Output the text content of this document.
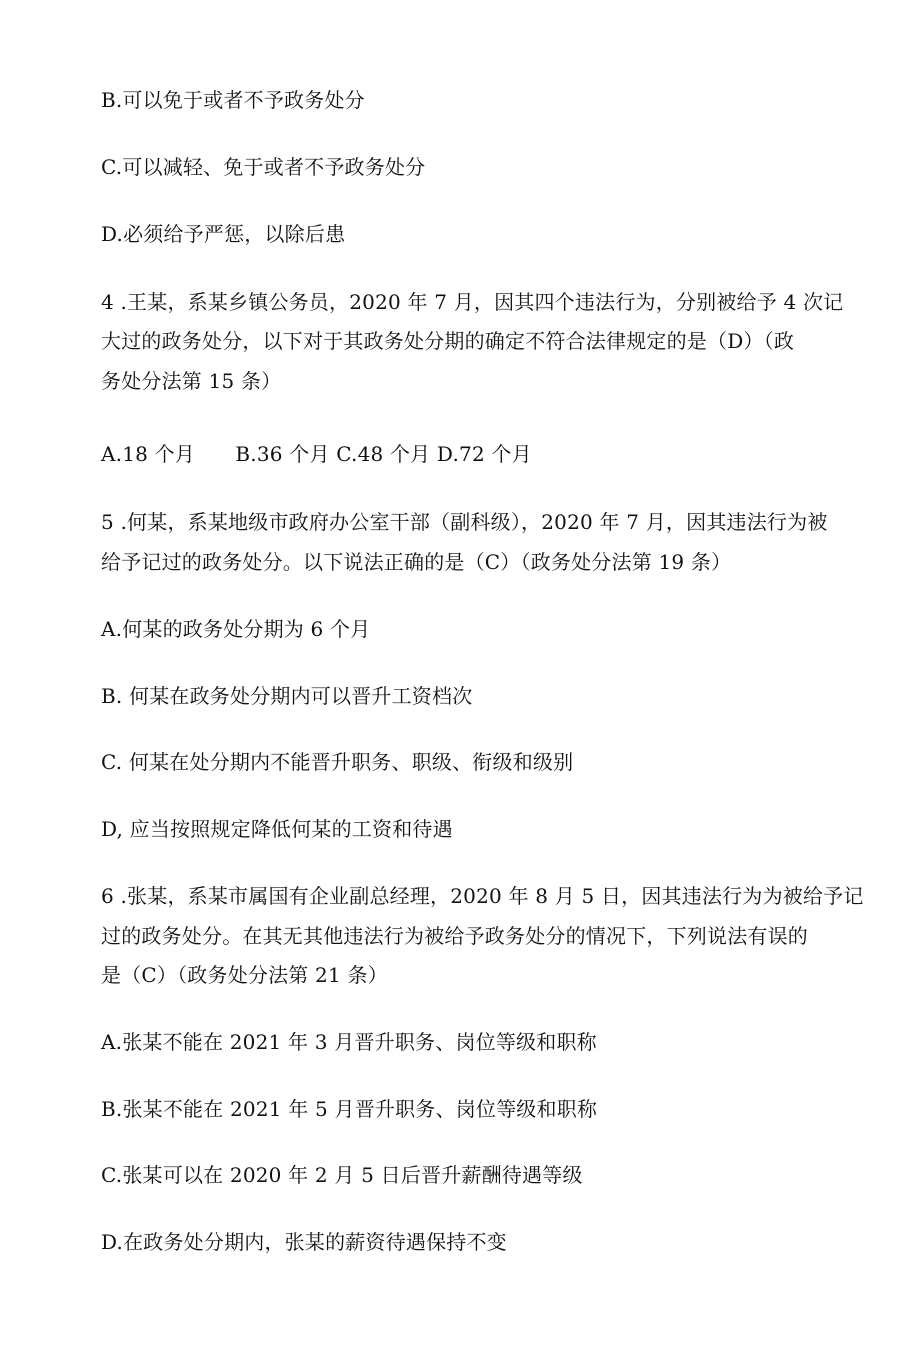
B.可以免于或者不予政务处分
C.可以减轻、免于或者不予政务处分
D.必须给予严惩，以除后患
4 .王某，系某乡镇公务员，2020 年 7 月，因其四个违法行为，分别被给予 4 次记
大过的政务处分，以下对于其政务处分期的确定不符合法律规定的是（D）（政
务处分法第 15 条）
A.18 个月　　B.36 个月 C.48 个月 D.72 个月
5 .何某，系某地级市政府办公室干部（副科级），2020 年 7 月，因其违法行为被
给予记过的政务处分。以下说法正确的是（C）（政务处分法第 19 条）
A.何某的政务处分期为 6 个月
B. 何某在政务处分期内可以晋升工资档次
C. 何某在处分期内不能晋升职务、职级、衔级和级别
D, 应当按照规定降低何某的工资和待遇
6 .张某，系某市属国有企业副总经理，2020 年 8 月 5 日，因其违法行为为被给予记
过的政务处分。在其无其他违法行为被给予政务处分的情况下，下列说法有误的
是（C）（政务处分法第 21 条）
A.张某不能在 2021 年 3 月晋升职务、岗位等级和职称
B.张某不能在 2021 年 5 月晋升职务、岗位等级和职称
C.张某可以在 2020 年 2 月 5 日后晋升薪酬待遇等级
D.在政务处分期内，张某的薪资待遇保持不变
